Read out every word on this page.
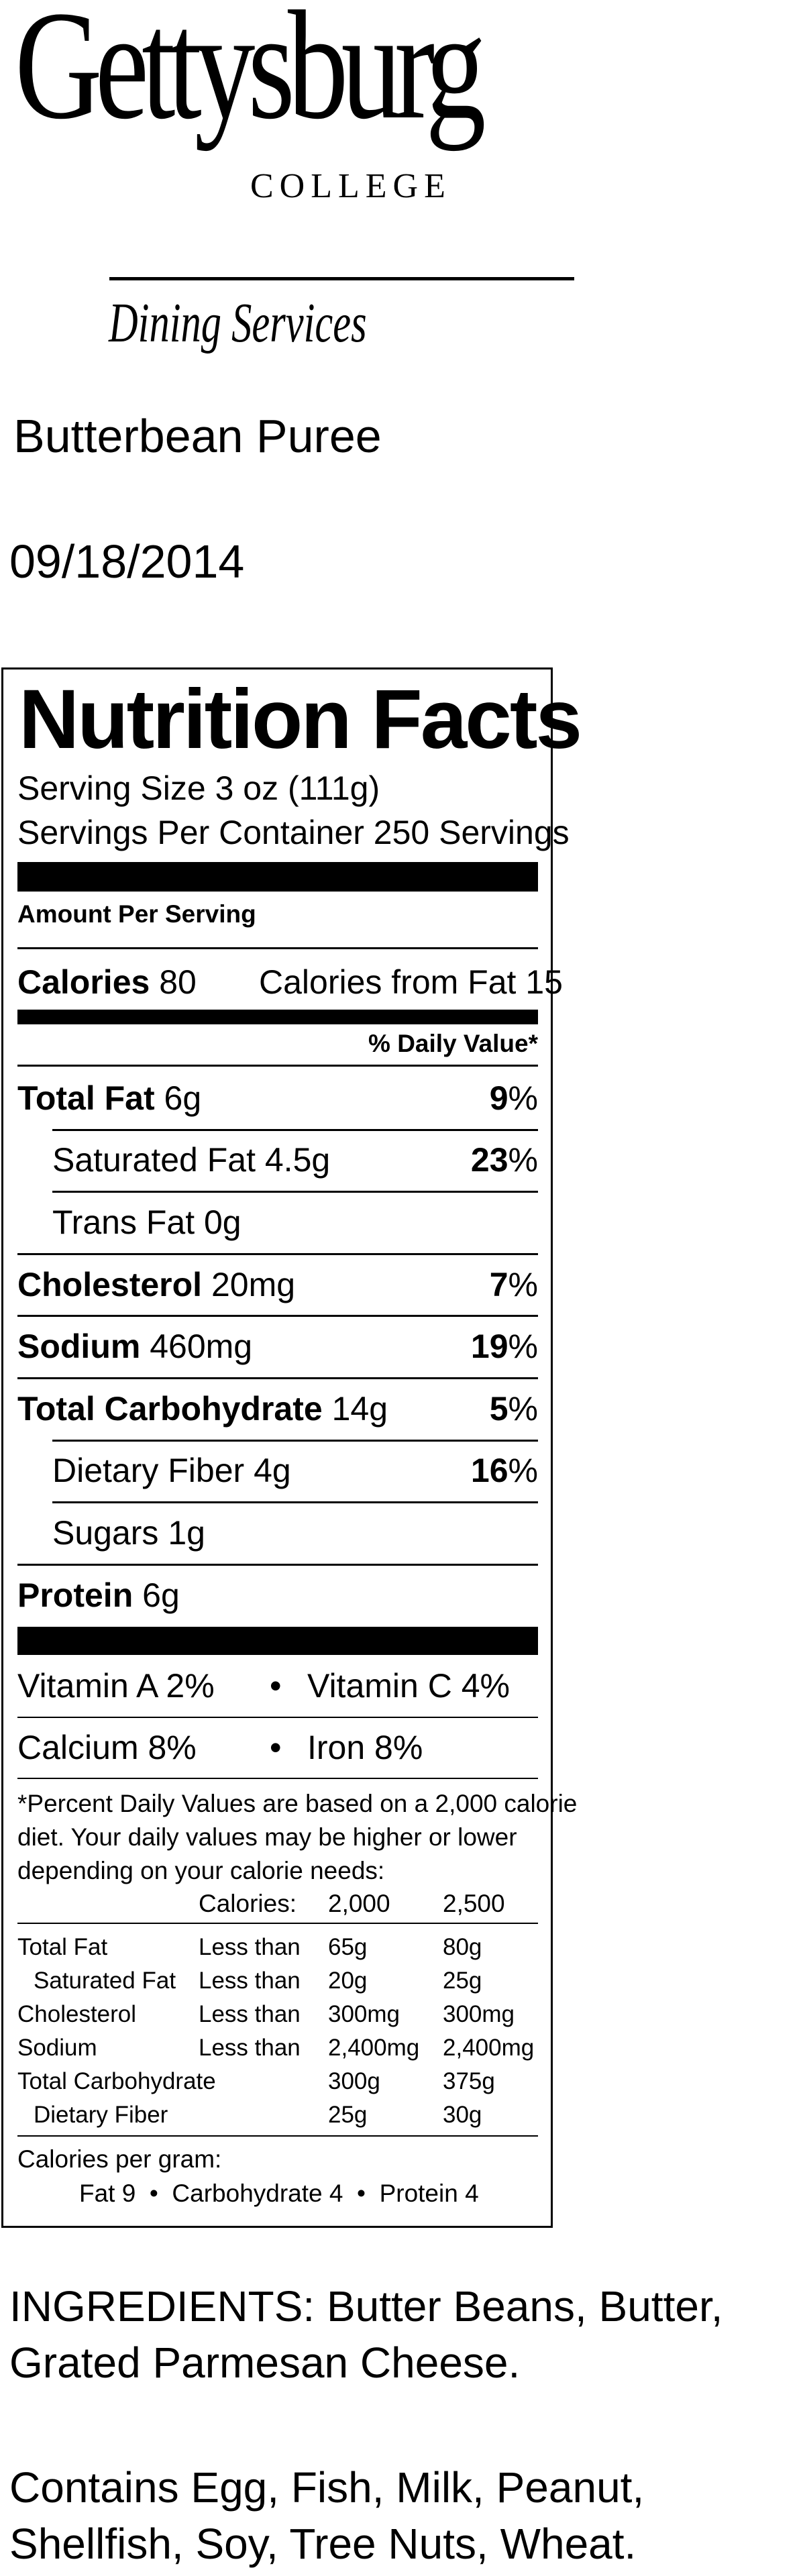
Gettysburg
COLLEGE
Dining Services
Butterbean Puree
09/18/2014
Nutrition Facts
Serving Size 3 oz (111g)
Servings Per Container 250 Servings
Amount Per Serving
Calories 80 Calories from Fat 15
% Daily Value*
Total Fat 6g	9%
Saturated Fat 4.5g	23%
Trans Fat 0g
Cholesterol 20mg	7%
Sodium 460mg	19%
Total Carbohydrate 14g	5%
Dietary Fiber 4g	16%
Sugars 1g
Protein 6g
Vitamin A 2% • Vitamin C 4%
Calcium 8% • Iron 8%
*Percent Daily Values are based on a 2,000 calorie
diet. Your daily values may be higher or lower
depending on your calorie needs:
Calories: 2,000 2,500
Total Fat	Less than 65g	80g
Saturated Fat Less than 20g	25g
Cholesterol	Less than 300mg 300mg
Sodium	Less than 2,400mg 2,400mg
Total Carbohydrate	300g	375g
Dietary Fiber	25g	30g
Calories per gram:
Fat 9 • Carbohydrate 4 • Protein 4
INGREDIENTS: Butter Beans, Butter, Grated Parmesan Cheese.
Contains Egg, Fish, Milk, Peanut, Shellfish, Soy, Tree Nuts, Wheat.
